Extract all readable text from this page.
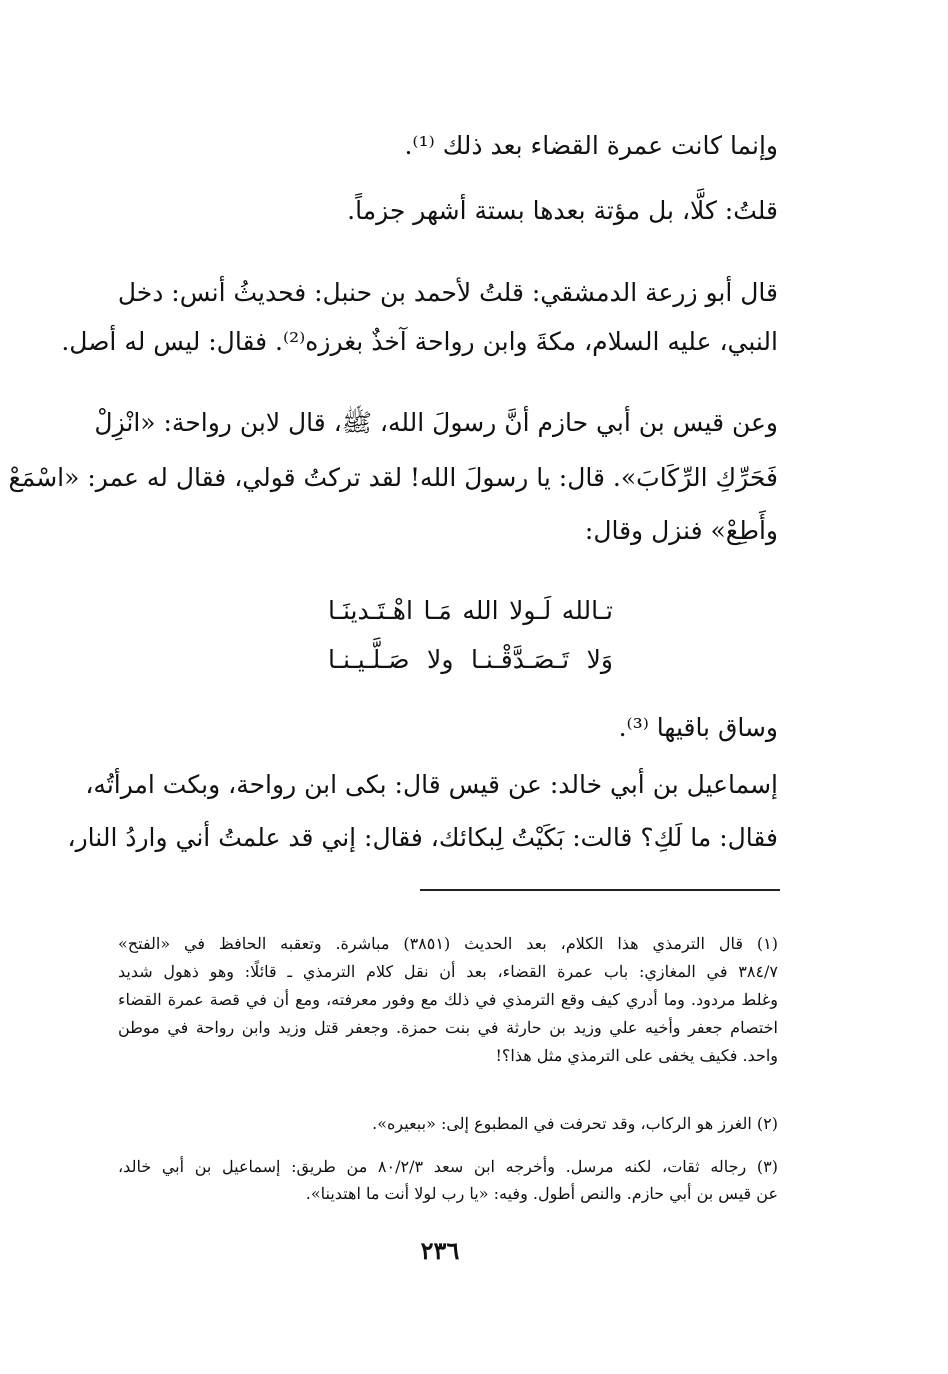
وإنما كانت عمرة القضاء بعد ذلك ⁽¹⁾.
قلتُ: كلَّا، بل مؤتة بعدها بستة أشهر جزماً.
قال أبو زرعة الدمشقي: قلتُ لأحمد بن حنبل: فحديثُ أنس: دخل
النبي، عليه السلام، مكةَ وابن رواحة آخذٌ بغرزه⁽²⁾. فقال: ليس له أصل.
وعن قيس بن أبي حازم أنَّ رسولَ الله، ﷺ، قال لابن رواحة: «انْزِلْ
فَحَرِّكِ الرِّكَابَ». قال: يا رسولَ الله! لقد تركتُ قولي، فقال له عمر: «اسْمَعْ
وأَطِعْ» فنزل وقال:
تـالله لَـولا الله مَـا اهْـتَـدينَـا
وَلا تَـصَـدَّقْـنـا ولا صَـلَّـيـنـا
وساق باقيها ⁽³⁾.
إسماعيل بن أبي خالد: عن قيس قال: بكى ابن رواحة، وبكت امرأتُه،
فقال: ما لَكِ؟ قالت: بَكَيْتُ لِبكائك، فقال: إني قد علمتُ أني واردُ النار،
(١) قال الترمذي هذا الكلام، بعد الحديث (٣٨٥١) مباشرة. وتعقبه الحافظ في «الفتح»
٣٨٤/٧ في المغازي: باب عمرة القضاء، بعد أن نقل كلام الترمذي ـ قائلًا: وهو ذهول شديد
وغلط مردود. وما أدري كيف وقع الترمذي في ذلك مع وفور معرفته، ومع أن في قصة عمرة القضاء
اختصام جعفر وأخيه علي وزيد بن حارثة في بنت حمزة. وجعفر قتل وزيد وابن رواحة في موطن
واحد. فكيف يخفى على الترمذي مثل هذا؟!
(٢) الغرز هو الركاب، وقد تحرفت في المطبوع إلى: «ببعيره».
(٣) رجاله ثقات، لكنه مرسل. وأخرجه ابن سعد ٨٠/٢/٣ من طريق: إسماعيل بن أبي خالد،
عن قيس بن أبي حازم. والنص أطول. وفيه: «يا رب لولا أنت ما اهتدينا».
٢٣٦
